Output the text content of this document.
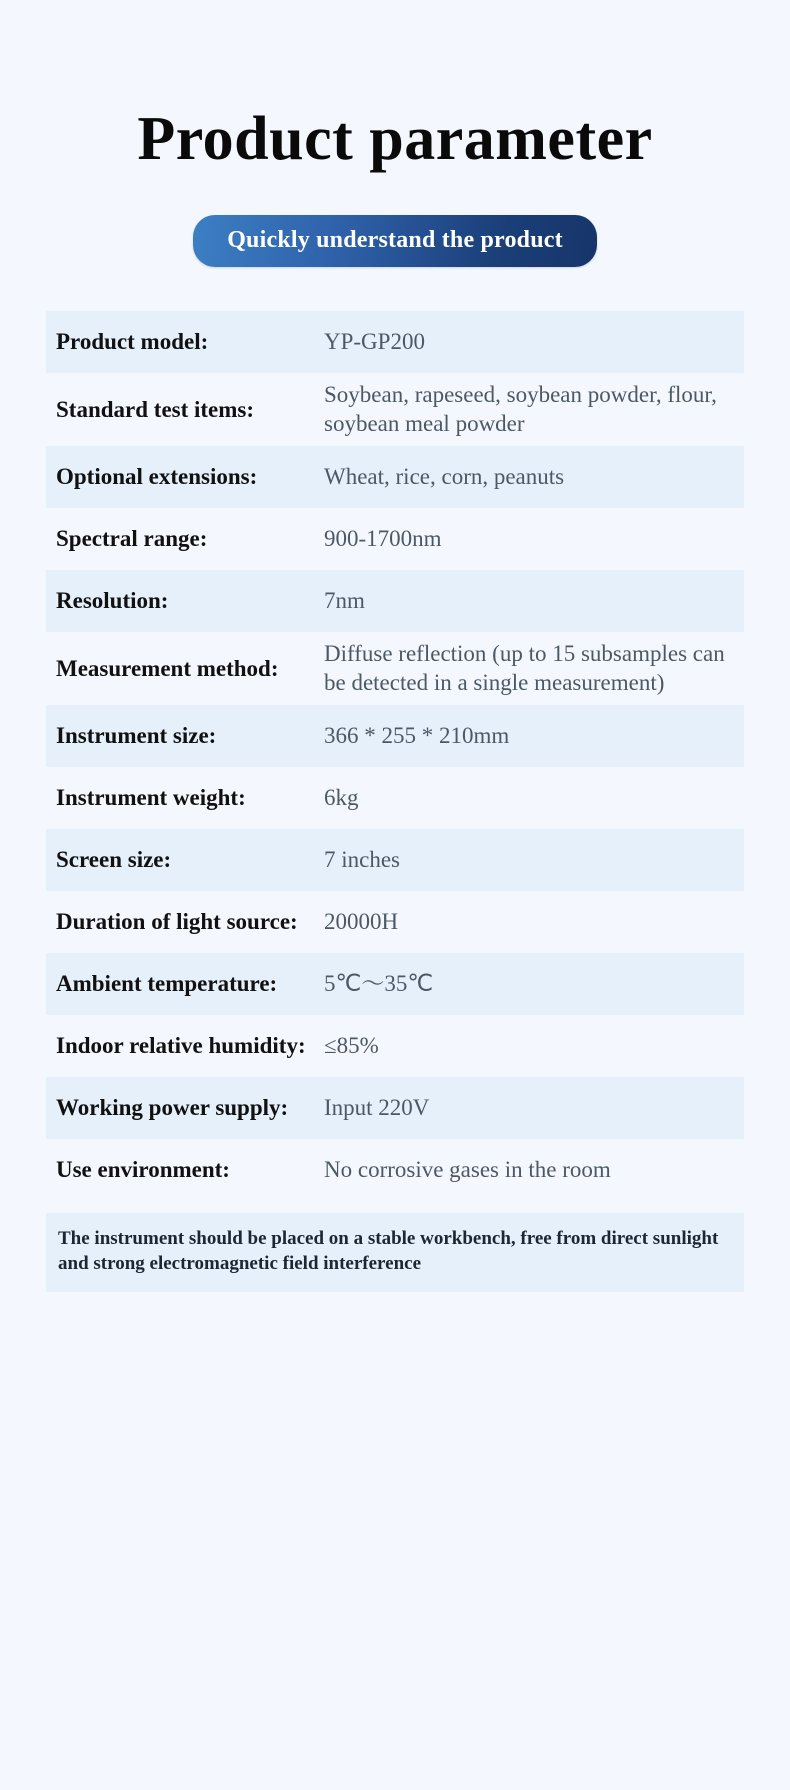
Product parameter
Quickly understand the product
Product model:	YP-GP200
Standard test items:
Soybean, rapeseed, soybean powder, flour, soybean meal powder
Optional extensions:	Wheat, rice, corn, peanuts
Spectral range:	900-1700nm
Resolution:	7nm
Measurement method:
Diffuse reflection (up to 15 subsamples can be detected in a single measurement)
Instrument size:	366 * 255 * 210mm
Instrument weight:	6kg
Screen size:	7 inches
Duration of light source:	20000H
Ambient temperature:	5℃～35℃
Indoor relative humidity: ≤85%
Working power supply:	Input 220V
Use environment:	No corrosive gases in the room
The instrument should be placed on a stable workbench, free from direct sunlight and strong electromagnetic field interference
